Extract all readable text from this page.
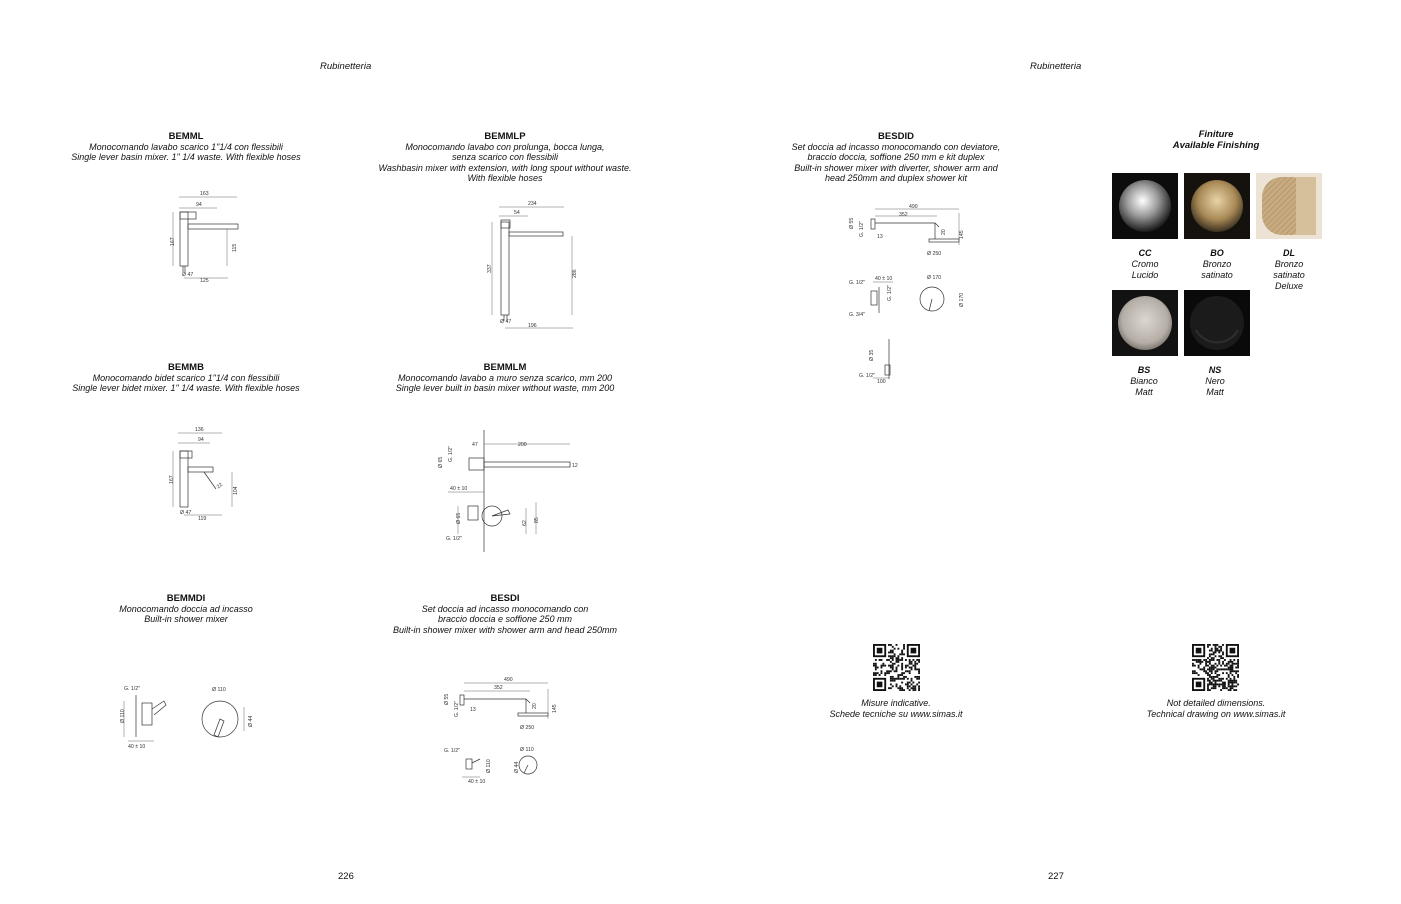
Rubinetteria
BEMML
Monocomando lavabo scarico 1"1/4 con flessibili
Single lever basin mixer. 1" 1/4 waste. With flexible hoses
163
94
167
115
Ø 47
125
BEMMLP
Monocomando lavabo con prolunga, bocca lunga,
senza scarico con flessibili
Washbasin mixer with extension, with long spout without waste.
With flexible hoses
234
54
337
286
Ø 47
196
BEMMB
Monocomando bidet scarico 1"1/4 con flessibili
Single lever bidet mixer. 1" 1/4 waste. With flexible hoses
136
94
167
104
22
Ø 47
119
BEMMLM
Monocomando lavabo a muro senza scarico, mm 200
Single lever built in basin mixer without waste, mm 200
47	200
12
G. 1/2"
Ø 65
40 ± 10
Ø 65	62
85
G. 1/2"
BEMMDI
Monocomando doccia ad incasso
Built-in shower mixer
G. 1/2"
Ø 110
40 ± 10
Ø 110
Ø 44
BESDI
Set doccia ad incasso monocomando con
braccio doccia e soffione 250 mm
Built-in shower mixer with shower arm and head 250mm
490
352
Ø 55
G. 1/2" 13
20	145
Ø 250
G. 1/2"
Ø 110
40 ± 10
Ø 110
Ø 44
226
Rubinetteria
BESDID
Set doccia ad incasso monocomando con deviatore,
braccio doccia, soffione 250 mm e kit duplex
Built-in shower mixer with diverter, shower arm and
head 250mm and duplex shower kit
490
352
Ø 55 G. 1/2" 13
20 145
Ø 250
40 ± 10
G. 1/2"
G. 1/2"
G. 3/4"
Ø 170
Ø 170
Ø 35
G. 1/2"
100
Finiture
Available Finishing
CC
Cromo
Lucido
BO
Bronzo
satinato
DL
Bronzo
satinato
Deluxe
BS
Bianco
Matt
NS
Nero
Matt
Misure indicative.
Schede tecniche su www.simas.it
Not detailed dimensions.
Technical drawing on www.simas.it
227
